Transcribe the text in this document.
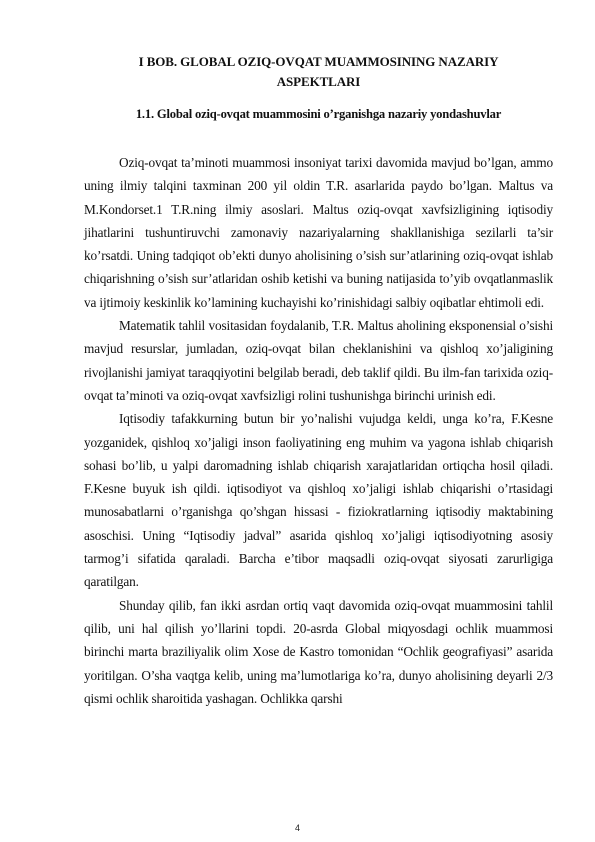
I BOB. GLOBAL OZIQ-OVQAT MUAMMOSINING NAZARIY
ASPEKTLARI
1.1. Global oziq-ovqat muammosini o’rganishga nazariy yondashuvlar

Oziq-ovqat ta’minoti muammosi insoniyat tarixi davomida mavjud bo’lgan, ammo uning ilmiy talqini taxminan 200 yil oldin T.R. asarlarida paydo bo’lgan. Maltus va M.Kondorset.1 T.R.ning ilmiy asoslari. Maltus oziq-ovqat xavfsizligining iqtisodiy jihatlarini tushuntiruvchi zamonaviy nazariyalarning shakllanishiga sezilarli ta’sir ko’rsatdi. Uning tadqiqot ob’ekti dunyo aholisining o’sish sur’atlarining oziq-ovqat ishlab chiqarishning o’sish sur’atlaridan oshib ketishi va buning natijasida to’yib ovqatlanmaslik va ijtimoiy keskinlik ko’lamining kuchayishi ko’rinishidagi salbiy oqibatlar ehtimoli edi.

Matematik tahlil vositasidan foydalanib, T.R. Maltus aholining eksponensial o’sishi mavjud resurslar, jumladan, oziq-ovqat bilan cheklanishini va qishloq xo’jaligining rivojlanishi jamiyat taraqqiyotini belgilab beradi, deb taklif qildi. Bu ilm-fan tarixida oziq-ovqat ta’minoti va oziq-ovqat xavfsizligi rolini tushunishga birinchi urinish edi.

Iqtisodiy tafakkurning butun bir yo’nalishi vujudga keldi, unga ko’ra, F.Kesne yozganidek, qishloq xo’jaligi inson faoliyatining eng muhim va yagona ishlab chiqarish sohasi bo’lib, u yalpi daromadning ishlab chiqarish xarajatlaridan ortiqcha hosil qiladi. F.Kesne buyuk ish qildi. iqtisodiyot va qishloq xo’jaligi ishlab chiqarishi o’rtasidagi munosabatlarni o’rganishga qo’shgan hissasi - fiziokratlarning iqtisodiy maktabining asoschisi. Uning “Iqtisodiy jadval” asarida qishloq xo’jaligi iqtisodiyotning asosiy tarmog’i sifatida qaraladi. Barcha e’tibor maqsadli oziq-ovqat siyosati zarurligiga qaratilgan.

Shunday qilib, fan ikki asrdan ortiq vaqt davomida oziq-ovqat muammosini tahlil qilib, uni hal qilish yo’llarini topdi. 20-asrda Global miqyosdagi ochlik muammosi birinchi marta braziliyalik olim Xose de Kastro tomonidan “Ochlik geografiyasi” asarida yoritilgan. O’sha vaqtga kelib, uning ma’lumotlariga ko’ra, dunyo aholisining deyarli 2/3 qismi ochlik sharoitida yashagan. Ochlikka qarshi

4
